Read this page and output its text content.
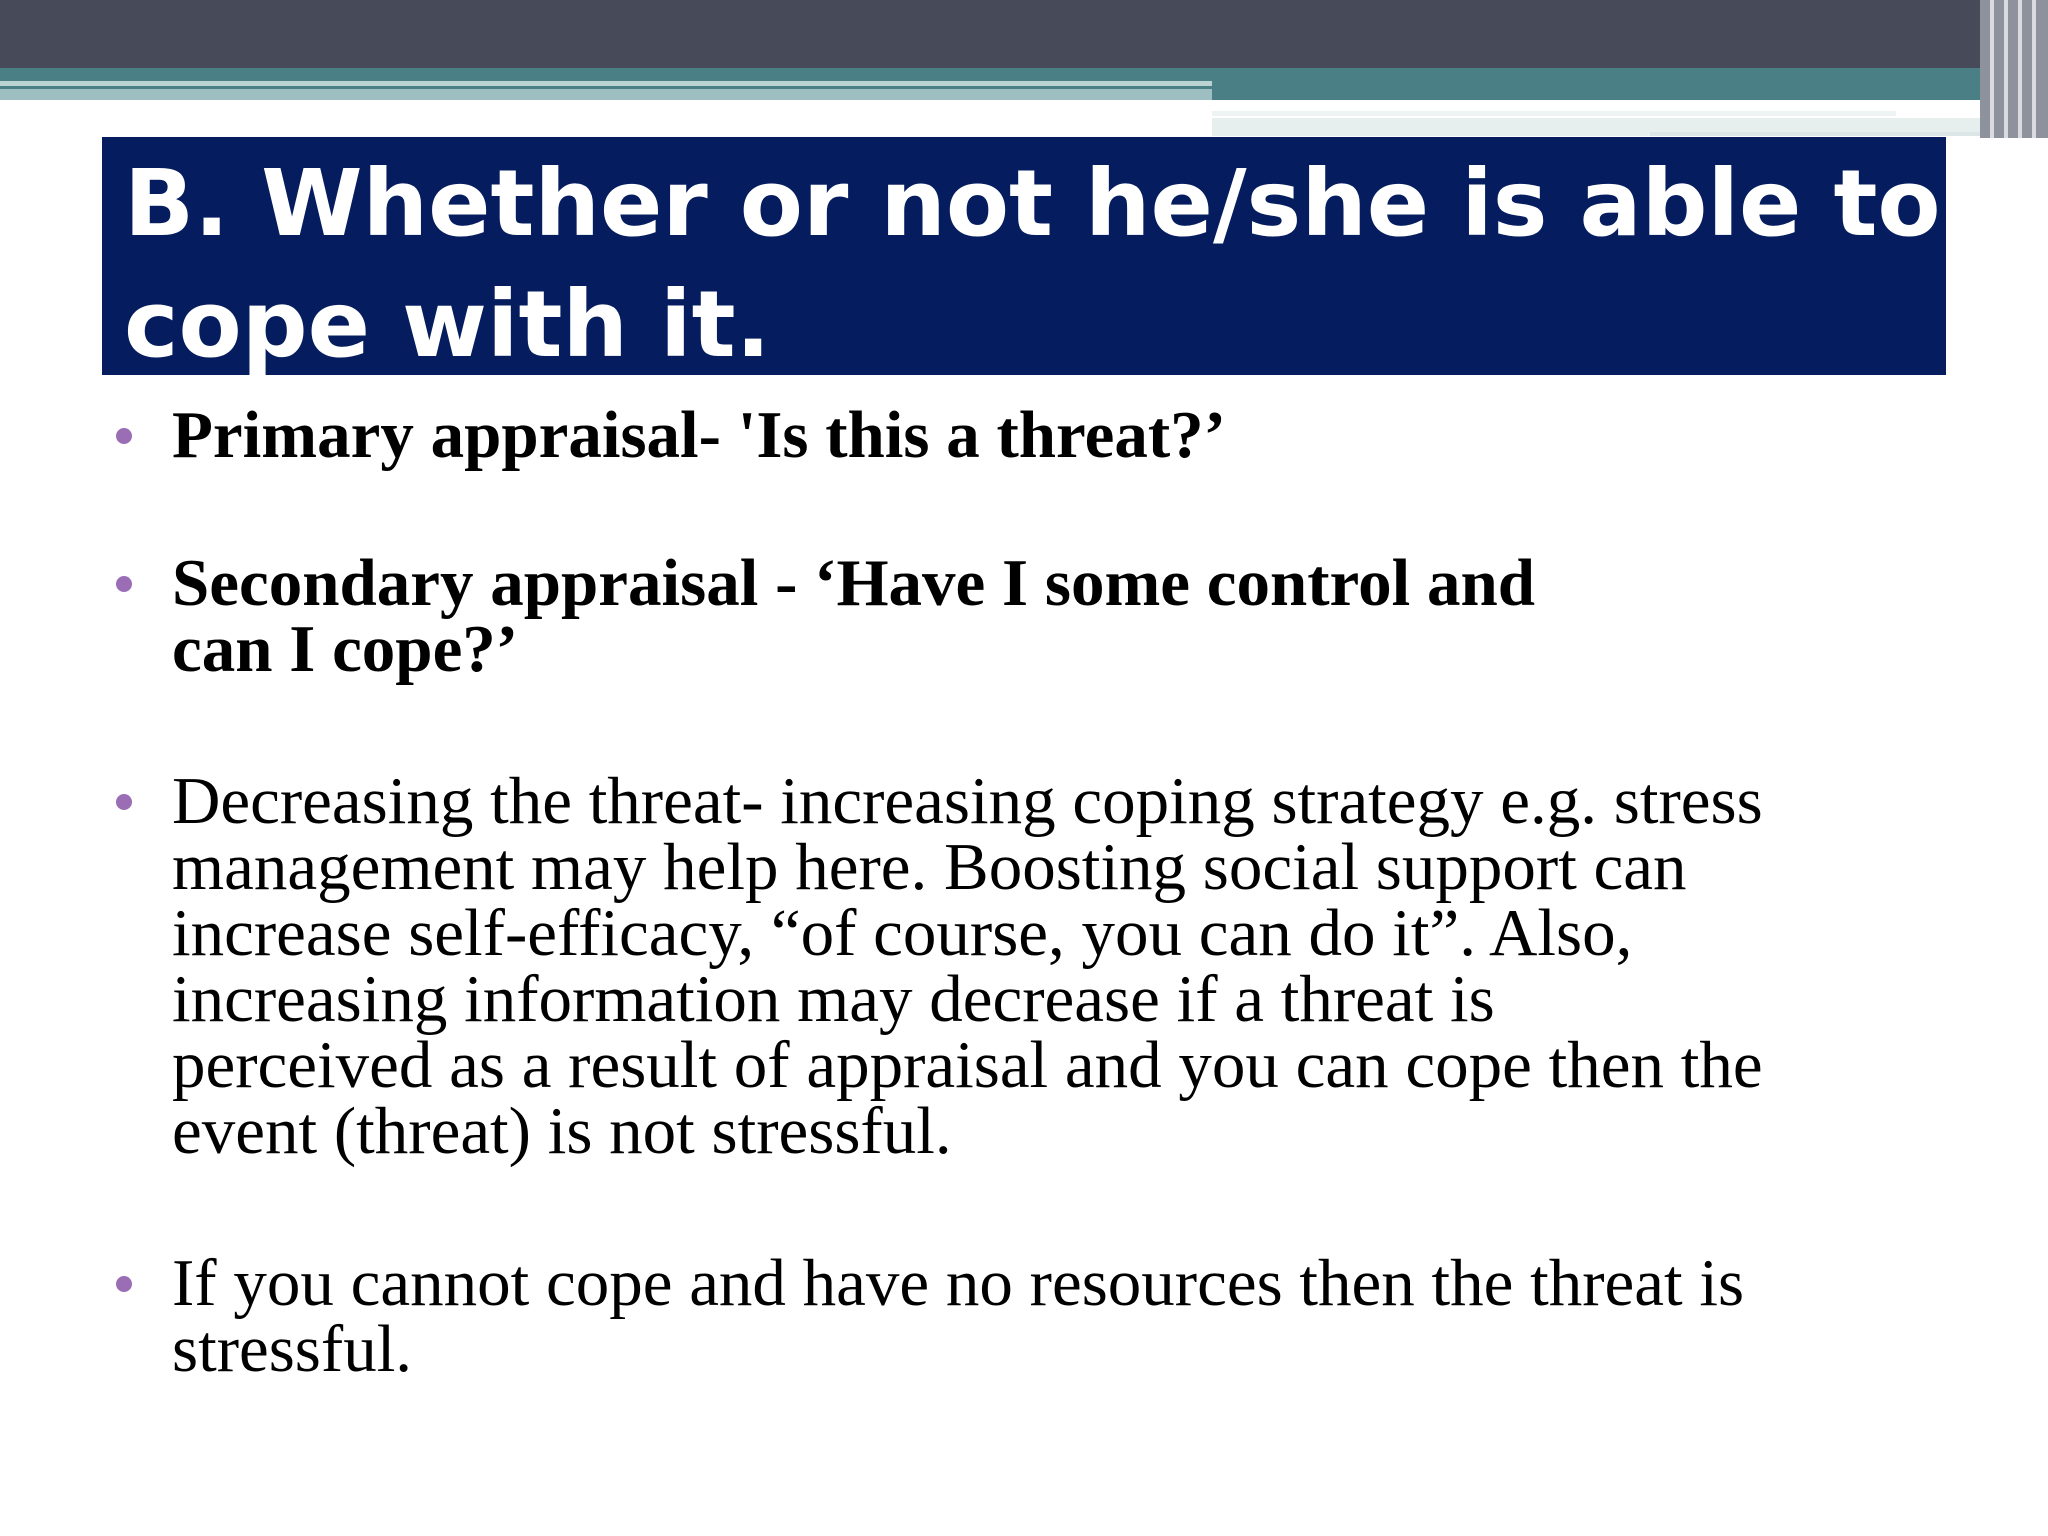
B. Whether or not he/she is able to
cope with it.
Primary appraisal- 'Is this a threat?’
Secondary appraisal - ‘Have I some control and
can I cope?’
Decreasing the threat- increasing coping strategy e.g. stress
management may help here. Boosting social support can
increase self-efficacy, “of course, you can do it”. Also,
increasing information may decrease if a threat is
perceived as a result of appraisal and you can cope then the
event (threat) is not stressful.
If you cannot cope and have no resources then the threat is
stressful.
